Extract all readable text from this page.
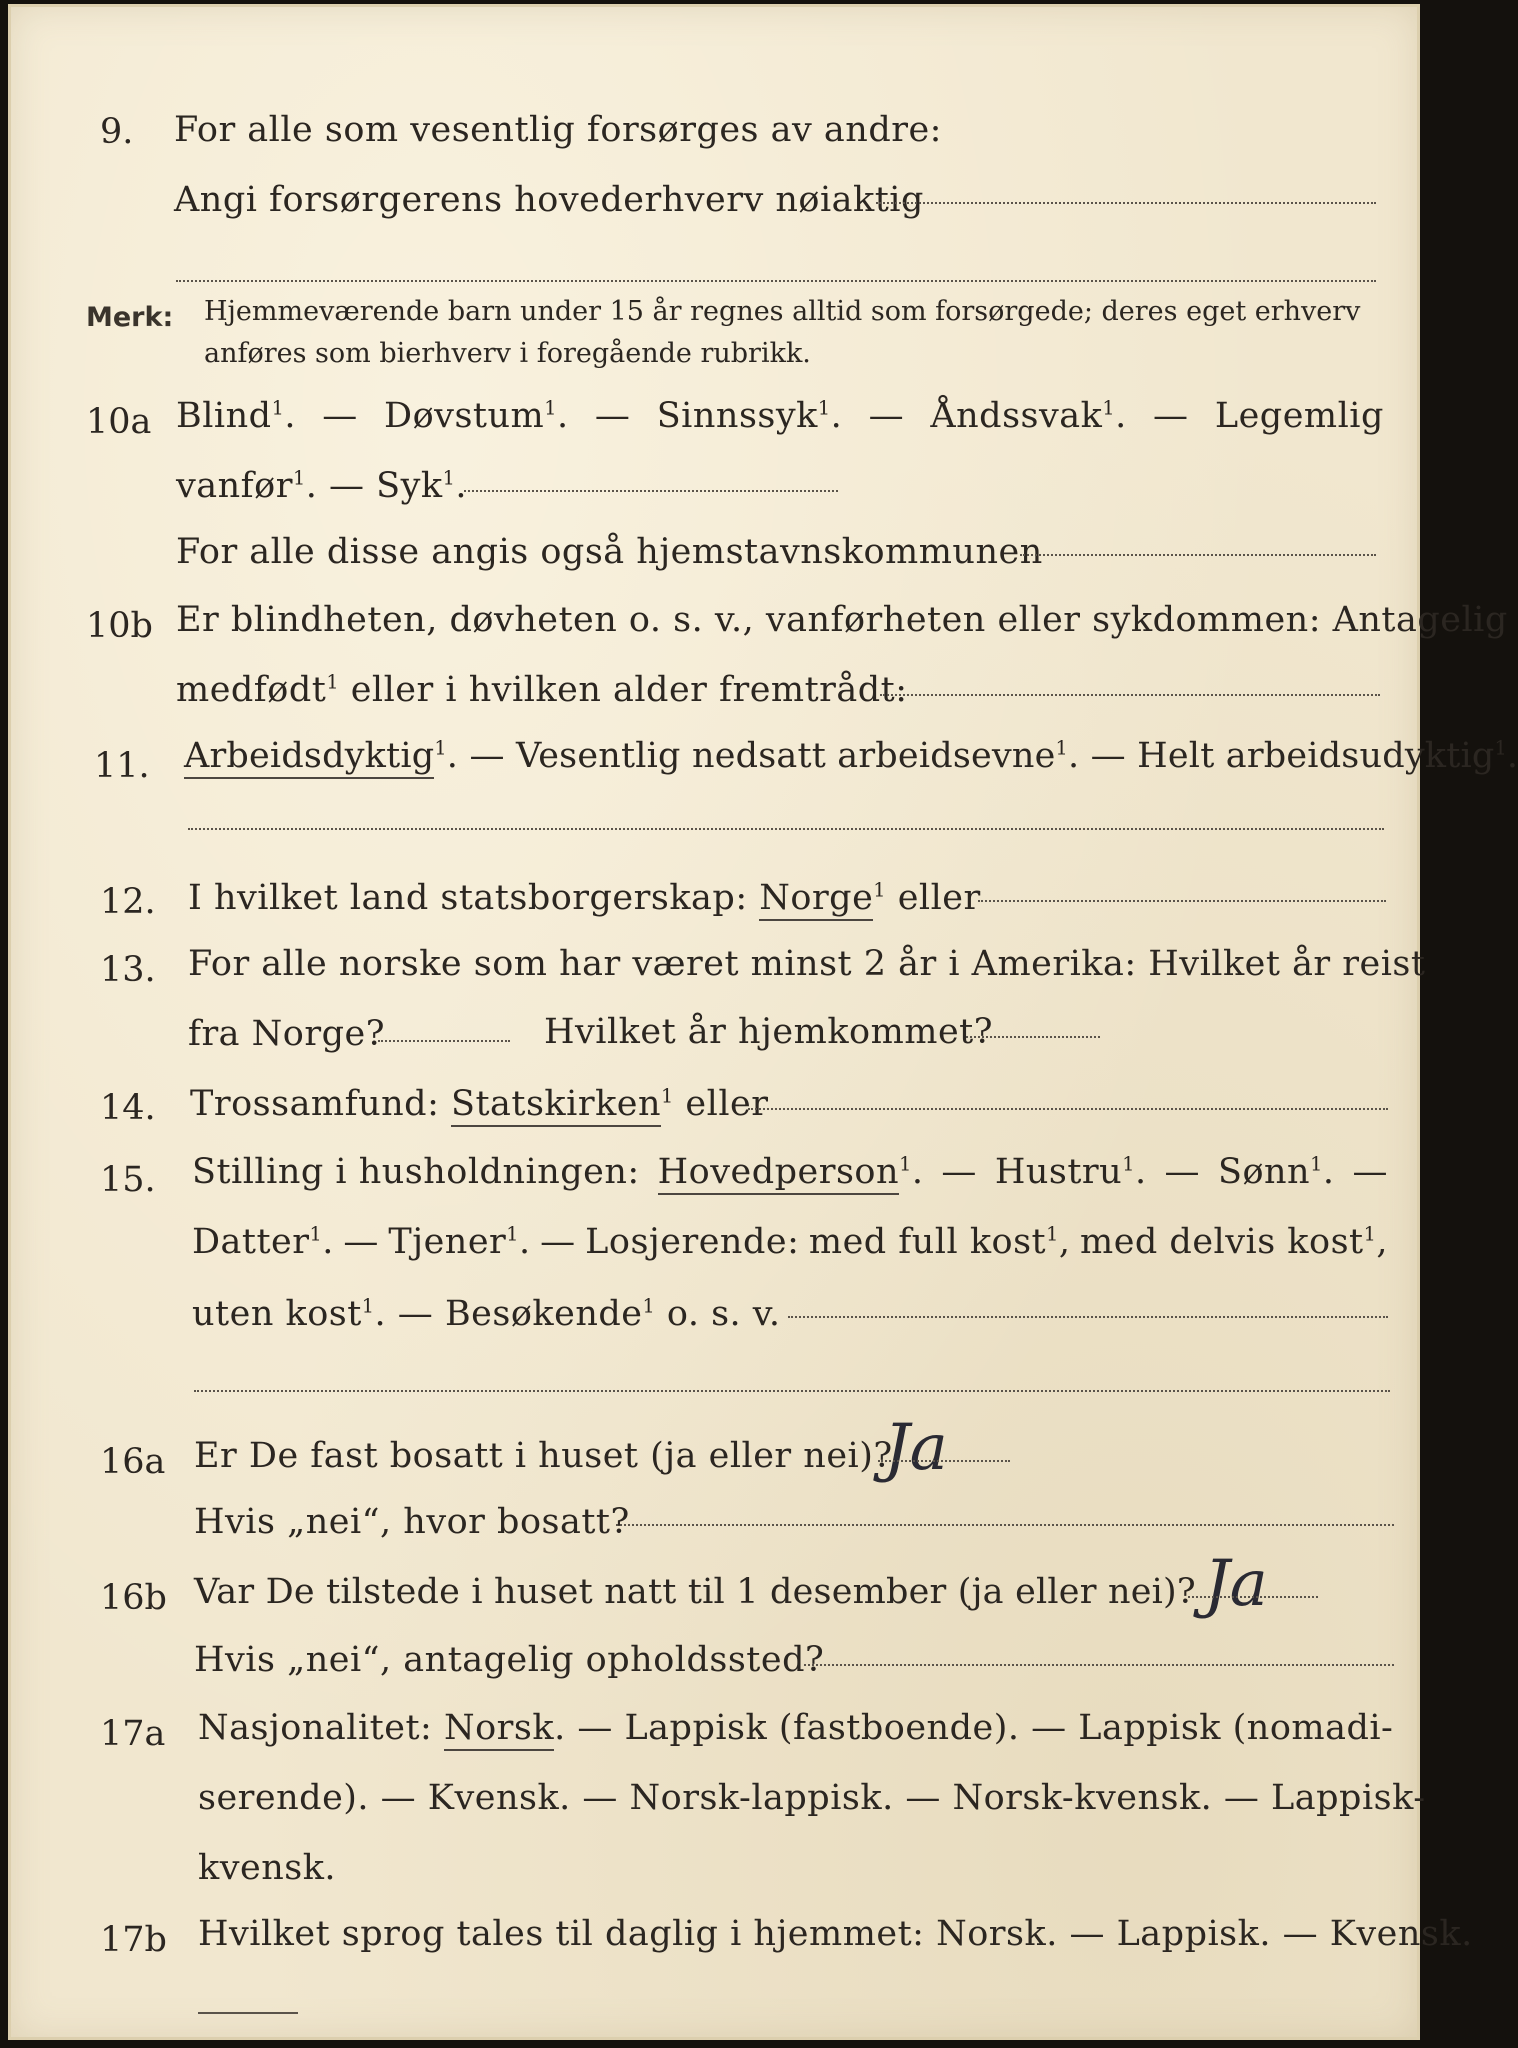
9. For alle som vesentlig forsørges av andre:
Angi forsørgerens hovederhverv nøiaktig
Merk: Hjemmeværende barn under 15 år regnes alltid som forsørgede; deres eget erhverv
anføres som bierhverv i foregående rubrikk.
10a Blind$^1$. — Døvstum$^1$. — Sinnssyk$^1$. — Åndssvak$^1$. — Legemlig
vanfør$^1$. — Syk$^1$.
For alle disse angis også hjemstavnskommunen
10b Er blindheten, døvheten o. s. v., vanførheten eller sykdommen: Antagelig
medfødt$^1$ eller i hvilken alder fremtrådt:
11. Arbeidsdyktig$^1$. — Vesentlig nedsatt arbeidsevne$^1$. — Helt arbeidsudyktig$^1$.
12. I hvilket land statsborgerskap: Norge$^1$ eller
13. For alle norske som har været minst 2 år i Amerika: Hvilket år reist
fra Norge?	Hvilket år hjemkommet?
14. Trossamfund: Statskirken$^1$ eller
15. Stilling i husholdningen: Hovedperson$^1$. — Hustru$^1$. — Sønn$^1$. —
Datter$^1$. — Tjener$^1$. — Losjerende: med full kost$^1$, med delvis kost$^1$,
uten kost$^1$. — Besøkende$^1$ o. s. v.
16a Er De fast bosatt i huset (ja eller nei)?
Ja
Hvis „nei“, hvor bosatt?
16b Var De tilstede i huset natt til 1 desember (ja eller nei)? Ja
Hvis „nei“, antagelig opholdssted?
17a Nasjonalitet: Norsk. — Lappisk (fastboende). — Lappisk (nomadi-
serende). — Kvensk. — Norsk-lappisk. — Norsk-kvensk. — Lappisk-
kvensk.
17b Hvilket sprog tales til daglig i hjemmet: Norsk. — Lappisk. — Kvensk.
